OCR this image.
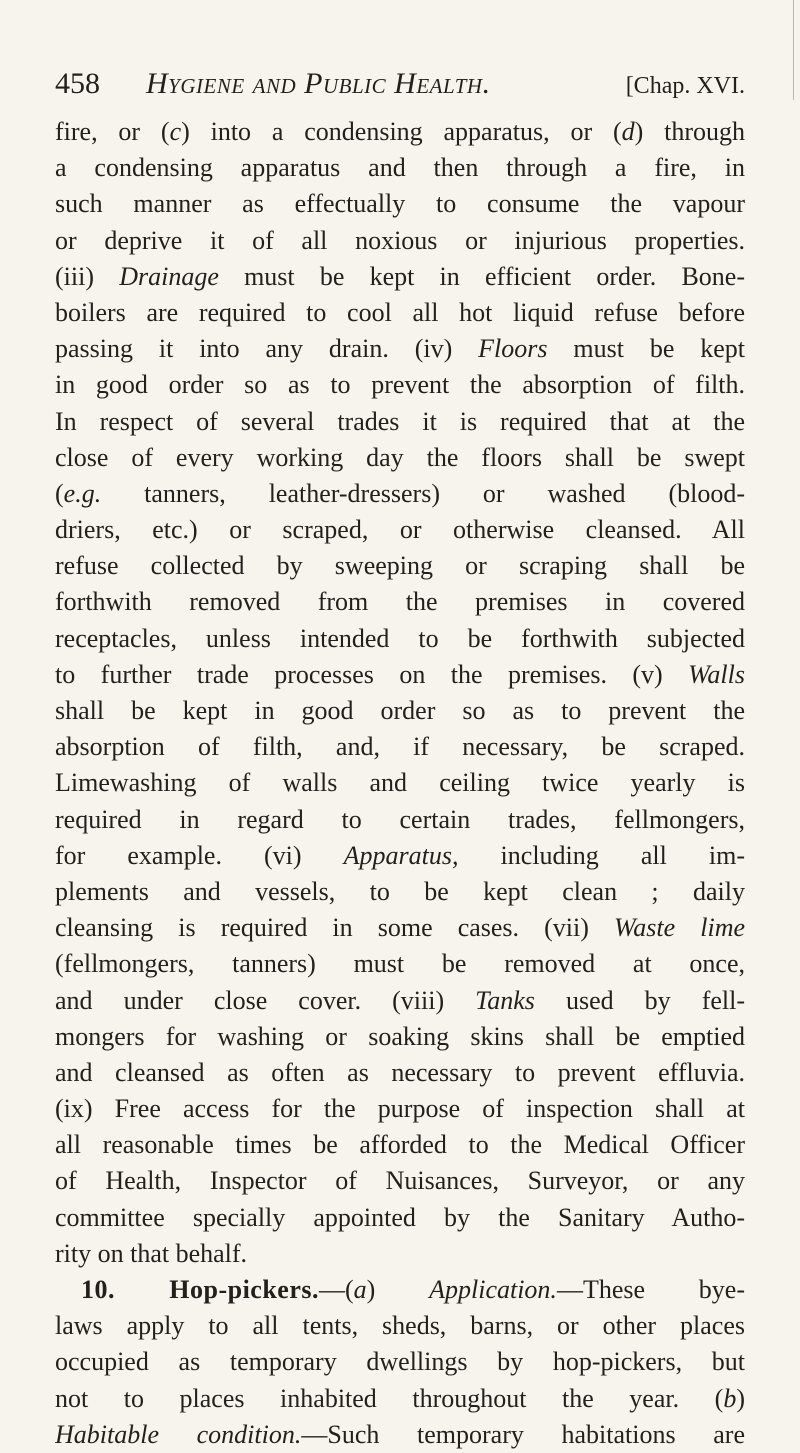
458 Hygiene and Public Health.	[Chap. XVI.
fire, or (c) into a condensing apparatus, or (d) through
a condensing apparatus and then through a fire, in
such manner as effectually to consume the vapour
or deprive it of all noxious or injurious properties.
(iii) Drainage must be kept in efficient order. Bone-
boilers are required to cool all hot liquid refuse before
passing it into any drain. (iv) Floors must be kept
in good order so as to prevent the absorption of filth.
In respect of several trades it is required that at the
close of every working day the floors shall be swept
(e.g. tanners, leather-dressers) or washed (blood-
driers, etc.) or scraped, or otherwise cleansed. All
refuse collected by sweeping or scraping shall be
forthwith removed from the premises in covered
receptacles, unless intended to be forthwith subjected
to further trade processes on the premises. (v) Walls
shall be kept in good order so as to prevent the
absorption of filth, and, if necessary, be scraped.
Limewashing of walls and ceiling twice yearly is
required in regard to certain trades, fellmongers,
for example. (vi) Apparatus, including all im-
plements and vessels, to be kept clean ; daily
cleansing is required in some cases. (vii) Waste lime
(fellmongers, tanners) must be removed at once,
and under close cover. (viii) Tanks used by fell-
mongers for washing or soaking skins shall be emptied
and cleansed as often as necessary to prevent effluvia.
(ix) Free access for the purpose of inspection shall at
all reasonable times be afforded to the Medical Officer
of Health, Inspector of Nuisances, Surveyor, or any
committee specially appointed by the Sanitary Autho-
rity on that behalf.
10. Hop-pickers.—(a) Application.—These bye-
laws apply to all tents, sheds, barns, or other places
occupied as temporary dwellings by hop-pickers, but
not to places inhabited throughout the year. (b)
Habitable condition.—Such temporary habitations are
